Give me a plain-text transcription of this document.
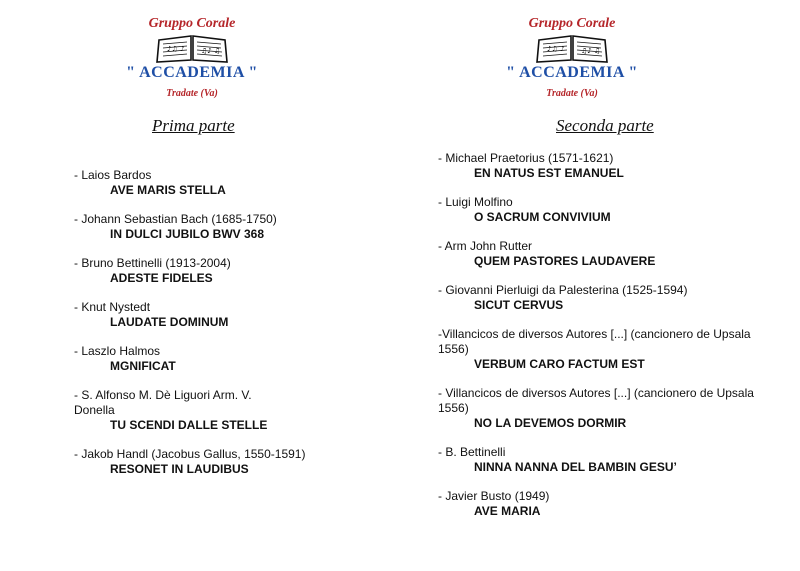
Gruppo Corale
♪♫ ♪ ♫♪ ♫
" ACCADEMIA "
Tradate (Va)
Prima parte
- Laios Bardos
AVE MARIS STELLA
- Johann Sebastian Bach (1685-1750)
IN DULCI JUBILO BWV 368
- Bruno Bettinelli (1913-2004)
ADESTE FIDELES
- Knut Nystedt
LAUDATE DOMINUM
- Laszlo Halmos
MGNIFICAT
- S. Alfonso M. Dè Liguori Arm. V. Donella
TU SCENDI DALLE STELLE
- Jakob Handl (Jacobus Gallus, 1550-1591)
RESONET IN LAUDIBUS
Gruppo Corale
♪♫ ♪ ♫♪ ♫
" ACCADEMIA "
Tradate (Va)
Seconda parte
- Michael Praetorius (1571-1621)
EN NATUS EST EMANUEL
- Luigi Molfino
O SACRUM CONVIVIUM
- Arm John Rutter
QUEM PASTORES LAUDAVERE
- Giovanni Pierluigi da Palesterina (1525-1594)
SICUT CERVUS
-Villancicos de diversos Autores [...] (cancionero de Upsala 1556)
VERBUM CARO FACTUM EST
- Villancicos de diversos Autores [...] (cancionero de Upsala 1556)
NO LA DEVEMOS DORMIR
- B. Bettinelli
NINNA NANNA DEL BAMBIN GESU’
- Javier Busto (1949)
AVE MARIA
